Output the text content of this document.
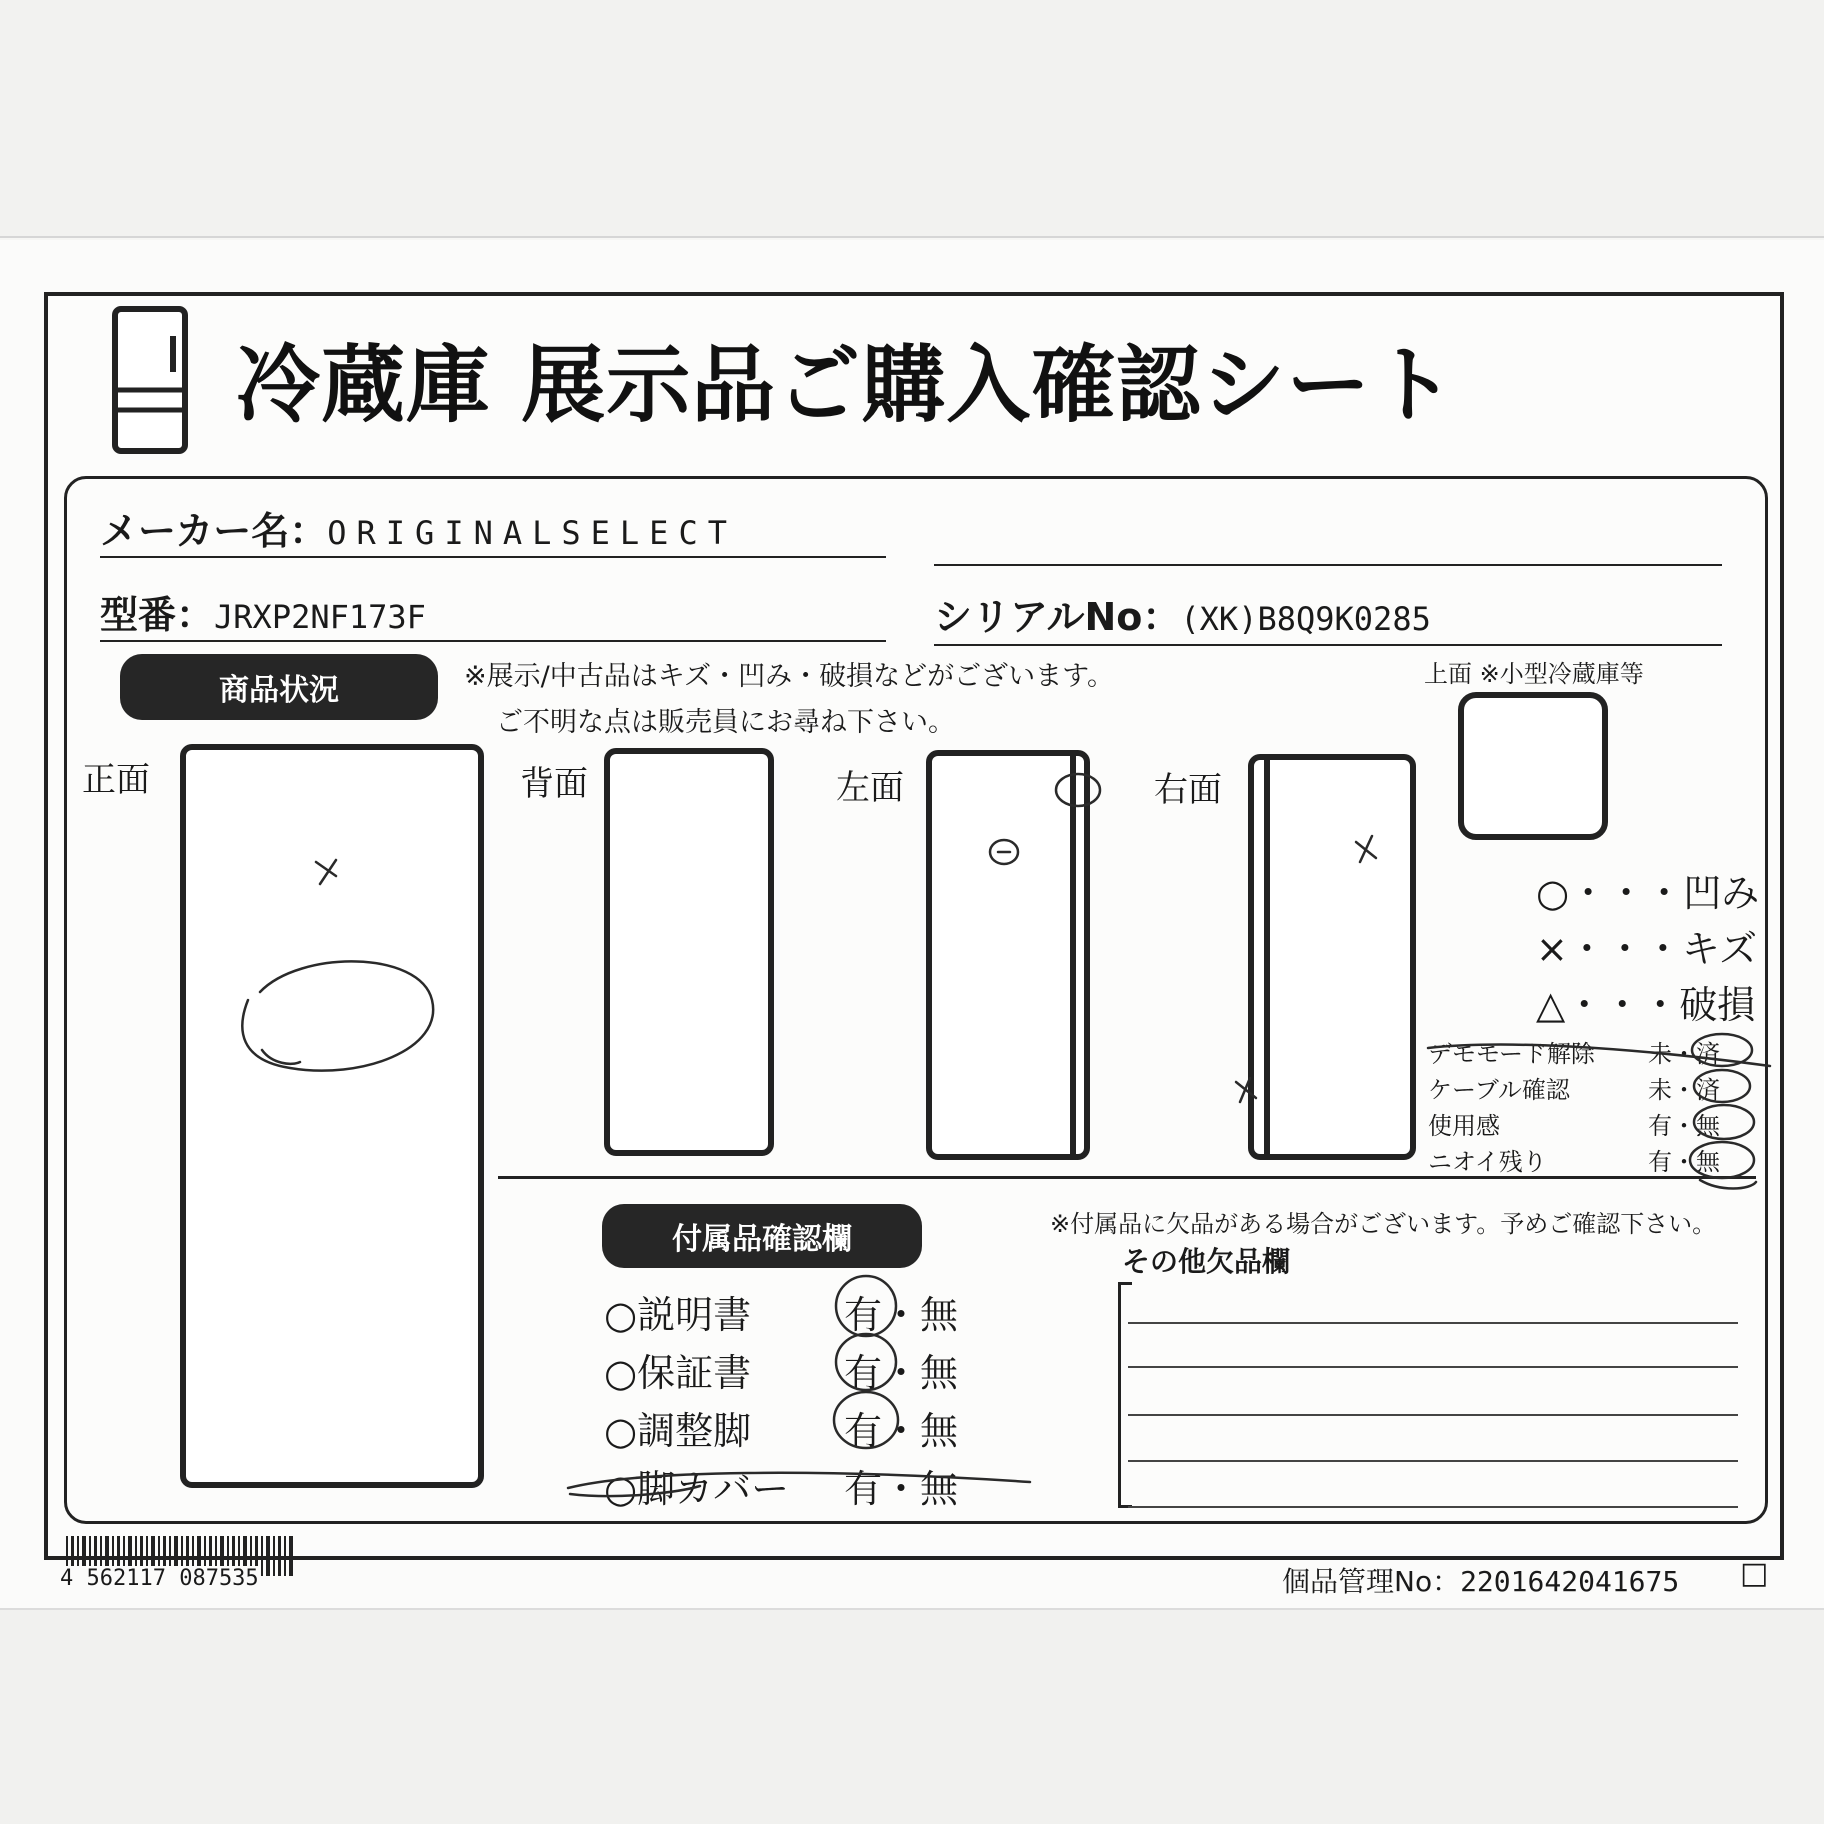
冷蔵庫 展示品ご購入確認シート
メーカー名：ORIGINALSELECT
型番：JRXP2NF173F	シリアルNo：(XK)B8Q9K0285
商品状況	※展示/中古品はキズ・凹み・破損などがございます。
ご不明な点は販売員にお尋ね下さい。
正面	背面	左面	右面
上面 ※小型冷蔵庫等
○・・・凹み
×・・・キズ
△・・・破損
デモモード解除	未 ・ 済
ケーブル確認	未 ・ 済
使用感	有 ・ 無
ニオイ残り	有 ・ 無
付属品確認欄	※付属品に欠品がある場合がございます。予めご確認下さい。
その他欠品欄
○説明書	有 ・ 無
○保証書	有 ・ 無
○調整脚	有 ・ 無
○脚カバー	有 ・ 無
4 562117 087535	個品管理No：2201642041675 □
